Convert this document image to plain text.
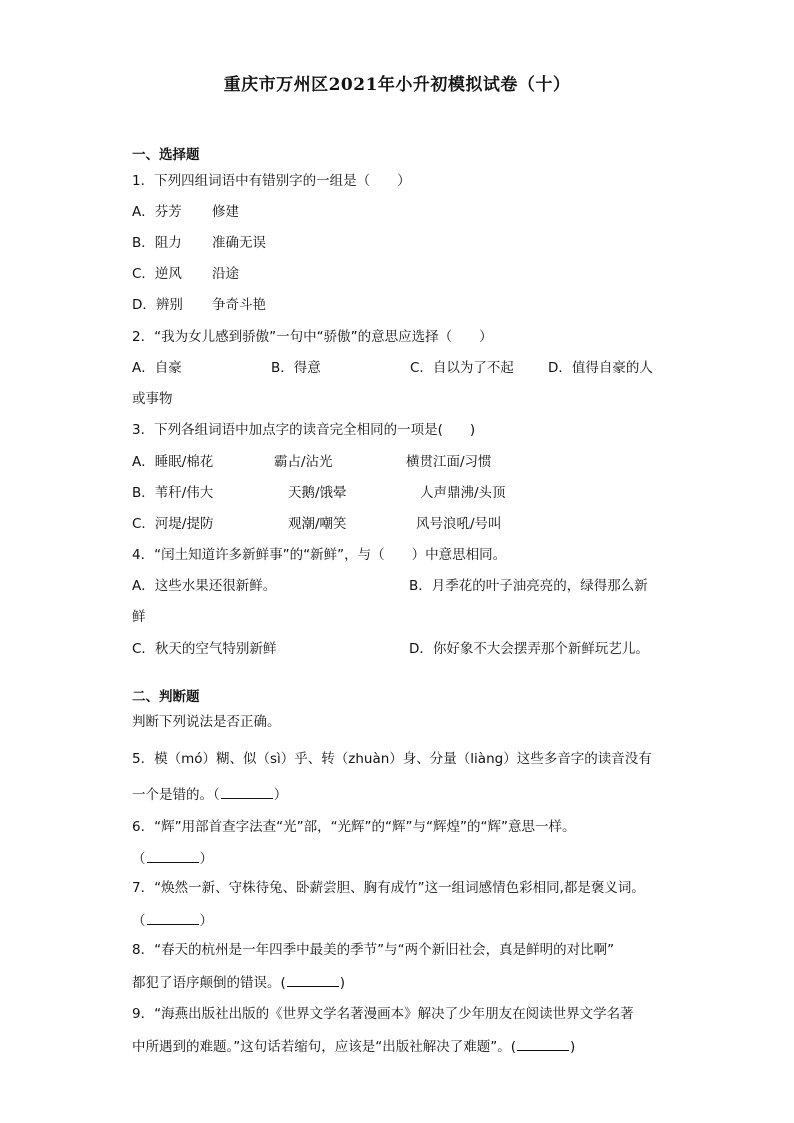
重庆市万州区2021年小升初模拟试卷（十）
一、选择题
1．下列四组词语中有错别字的一组是（　　）
A．芬芳 修建
B．阻力 准确无误
C．逆风 沿途
D．辨别 争奇斗艳
2．“我为女儿感到骄傲”一句中“骄傲”的意思应选择（　　）
A．自豪	B．得意	C．自以为了不起	D．值得自豪的人
或事物
3．下列各组词语中加点字的读音完全相同的一项是(　　)
A．睡眠/棉花	霸占/沾光	横贯江面/习惯
B．苇秆/伟大	天鹅/饿晕	人声鼎沸/头顶
C．河堤/提防	观潮/嘲笑	风号浪吼/号叫
4．“闰土知道许多新鲜事”的“新鲜”，与（　　）中意思相同。
A．这些水果还很新鲜。	B．月季花的叶子油亮亮的，绿得那么新
鲜
C．秋天的空气特别新鲜	D．你好象不大会摆弄那个新鲜玩艺儿。
二、判断题
判断下列说法是否正确。
5．模（mó）糊、似（sì）乎、转（zhuàn）身、分量（liàng）这些多音字的读音没有
一个是错的。（	）
6．“辉”用部首查字法查“光”部，“光辉”的“辉”与“辉煌”的“辉”意思一样。
（	）
7．“焕然一新、守株待兔、卧薪尝胆、胸有成竹”这一组词感情色彩相同,都是褒义词。
（	）
8．“春天的杭州是一年四季中最美的季节”与“两个新旧社会，真是鲜明的对比啊”
都犯了语序颠倒的错误。(	)
9．“海燕出版社出版的《世界文学名著漫画本》解决了少年朋友在阅读世界文学名著
中所遇到的难题。”这句话若缩句，应该是“出版社解决了难题”。(	)
